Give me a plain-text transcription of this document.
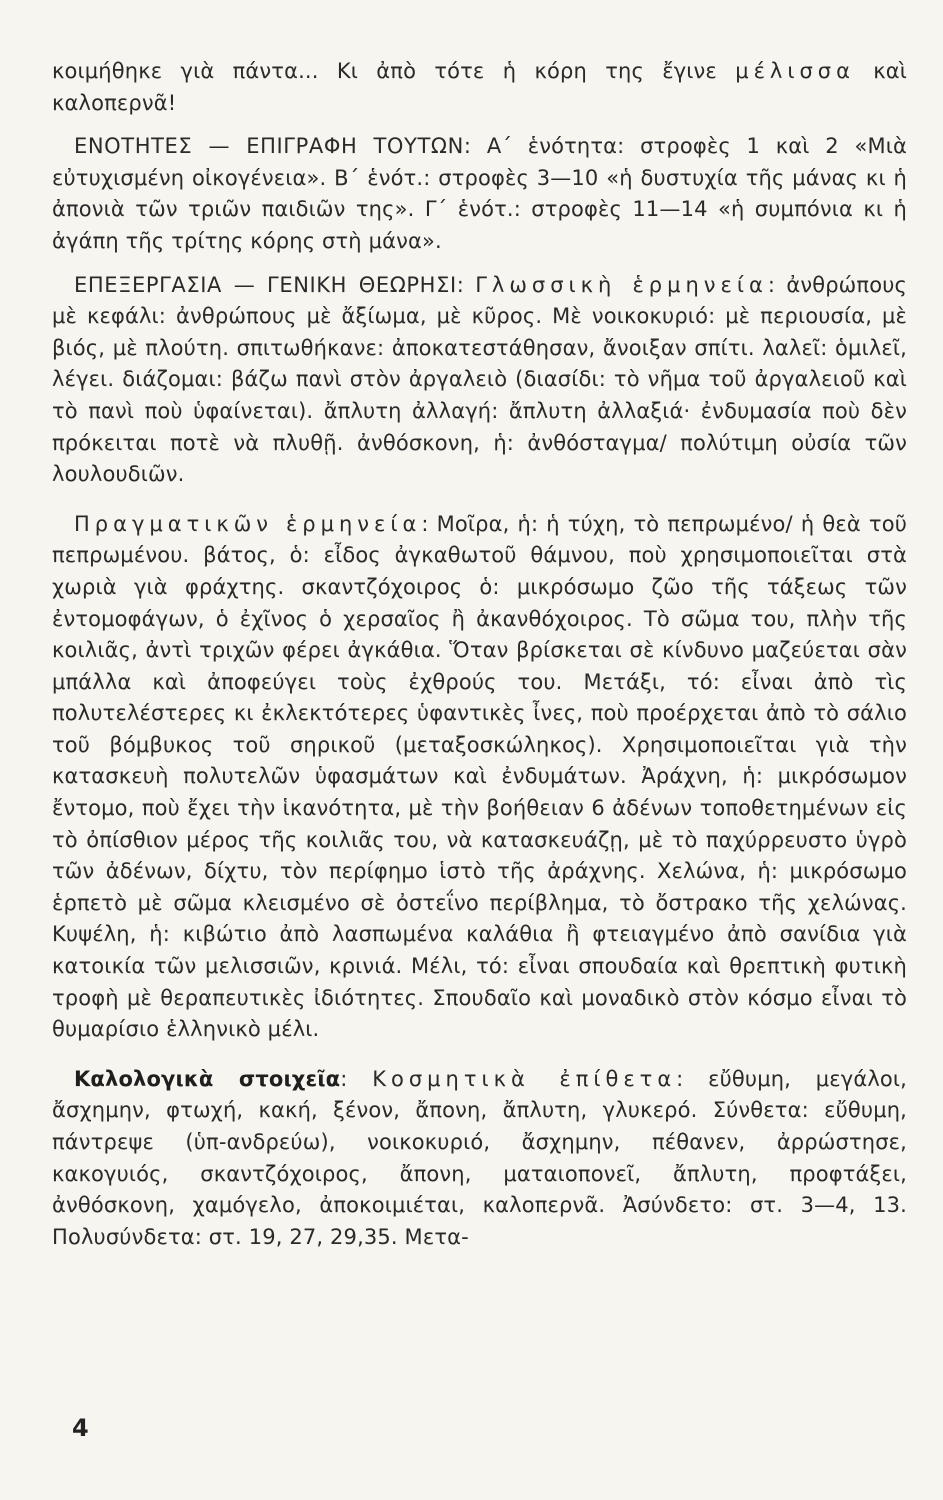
κοιμήθηκε γιὰ πάντα... Κι ἀπὸ τότε ἡ κόρη της ἔγινε μέλισσα καὶ καλοπερνᾶ!

ΕΝΟΤΗΤΕΣ — ΕΠΙΓΡΑΦΗ ΤΟΥΤΩΝ: Α΄ ἑνότητα: στροφὲς 1 καὶ 2 «Μιὰ εὐτυχισμένη οἰκογένεια». Β΄ ἑνότ.: στροφὲς 3—10 «ἡ δυστυχία τῆς μάνας κι ἡ ἀπονιὰ τῶν τριῶν παιδιῶν της». Γ΄ ἑνότ.: στροφὲς 11—14 «ἡ συμπόνια κι ἡ ἀγάπη τῆς τρίτης κόρης στὴ μάνα».

ΕΠΕΞΕΡΓΑΣΙΑ — ΓΕΝΙΚΗ ΘΕΩΡΗΣΙ: Γλωσσικὴ ἑρμηνεία: ἀνθρώπους μὲ κεφάλι: ἀνθρώπους μὲ ἄξίωμα, μὲ κῦρος. Μὲ νοικοκυριό: μὲ περιουσία, μὲ βιός, μὲ πλούτη. σπιτωθήκανε: ἀποκατεστάθησαν, ἄνοιξαν σπίτι. λαλεῖ: ὁμιλεῖ, λέγει. διάζομαι: βάζω πανὶ στὸν ἀργαλειὸ (διασίδι: τὸ νῆμα τοῦ ἀργαλειοῦ καὶ τὸ πανὶ ποὺ ὑφαίνεται). ἄπλυτη ἀλλαγή: ἄπλυτη ἀλλαξιά· ἐνδυμασία ποὺ δὲν πρόκειται ποτὲ νὰ πλυθῇ. ἀνθόσκονη, ἡ: ἀνθόσταγμα/ πολύτιμη οὐσία τῶν λουλουδιῶν.

Πραγματικῶν ἑρμηνεία: Μοῖρα, ἡ: ἡ τύχη, τὸ πεπρωμένο/ ἡ θεὰ τοῦ πεπρωμένου. βάτος, ὁ: εἶδος ἀγκαθωτοῦ θάμνου, ποὺ χρησιμοποιεῖται στὰ χωριὰ γιὰ φράχτης. σκαντζόχοιρος ὁ: μικρόσωμο ζῶο τῆς τάξεως τῶν ἐντομοφάγων, ὁ ἐχῖνος ὁ χερσαῖος ἢ ἀκανθόχοιρος. Τὸ σῶμα του, πλὴν τῆς κοιλιᾶς, ἀντὶ τριχῶν φέρει ἀγκάθια. Ὅταν βρίσκεται σὲ κίνδυνο μαζεύεται σὰν μπάλλα καὶ ἀποφεύγει τοὺς ἐχθρούς του. Μετάξι, τό: εἶναι ἀπὸ τὶς πολυτελέστερες κι ἐκλεκτότερες ὑφαντικὲς ἶνες, ποὺ προέρχεται ἀπὸ τὸ σάλιο τοῦ βόμβυκος τοῦ σηρικοῦ (μεταξοσκώληκος). Χρησιμοποιεῖται γιὰ τὴν κατασκευὴ πολυτελῶν ὑφασμάτων καὶ ἐνδυμάτων. Ἀράχνη, ἡ: μικρόσωμον ἔντομο, ποὺ ἔχει τὴν ἱκανότητα, μὲ τὴν βοήθειαν 6 ἀδένων τοποθετημένων εἰς τὸ ὀπίσθιον μέρος τῆς κοιλιᾶς του, νὰ κατασκευάζῃ, μὲ τὸ παχύρρευστο ὑγρὸ τῶν ἀδένων, δίχτυ, τὸν περίφημο ἱστὸ τῆς ἀράχνης. Χελώνα, ἡ: μικρόσωμο ἑρπετὸ μὲ σῶμα κλεισμένο σὲ ὀστεΐνο περίβλημα, τὸ ὄστρακο τῆς χελώνας. Κυψέλη, ἡ: κιβώτιο ἀπὸ λασπωμένα καλάθια ἢ φτειαγμένο ἀπὸ σανίδια γιὰ κατοικία τῶν μελισσιῶν, κρινιά. Μέλι, τό: εἶναι σπουδαία καὶ θρεπτικὴ φυτικὴ τροφὴ μὲ θεραπευτικὲς ἰδιότητες. Σπουδαῖο καὶ μοναδικὸ στὸν κόσμο εἶναι τὸ θυμαρίσιο ἑλληνικὸ μέλι.

Καλολογικὰ στοιχεῖα: Κοσμητικὰ ἐπίθετα: εὔθυμη, μεγάλοι, ἄσχημην, φτωχή, κακή, ξένον, ἄπονη, ἄπλυτη, γλυκερό. Σύνθετα: εὔθυμη, πάντρεψε (ὑπ-ανδρεύω), νοικοκυριό, ἄσχημην, πέθανεν, ἀρρώστησε, κακογυιός, σκαντζόχοιρος, ἄπονη, ματαιοπονεῖ, ἄπλυτη, προφτάξει, ἀνθόσκονη, χαμόγελο, ἀποκοιμιέται, καλοπερνᾶ. Ἀσύνδετο: στ. 3—4, 13. Πολυσύνδετα: στ. 19, 27, 29,35. Μετα-

4
